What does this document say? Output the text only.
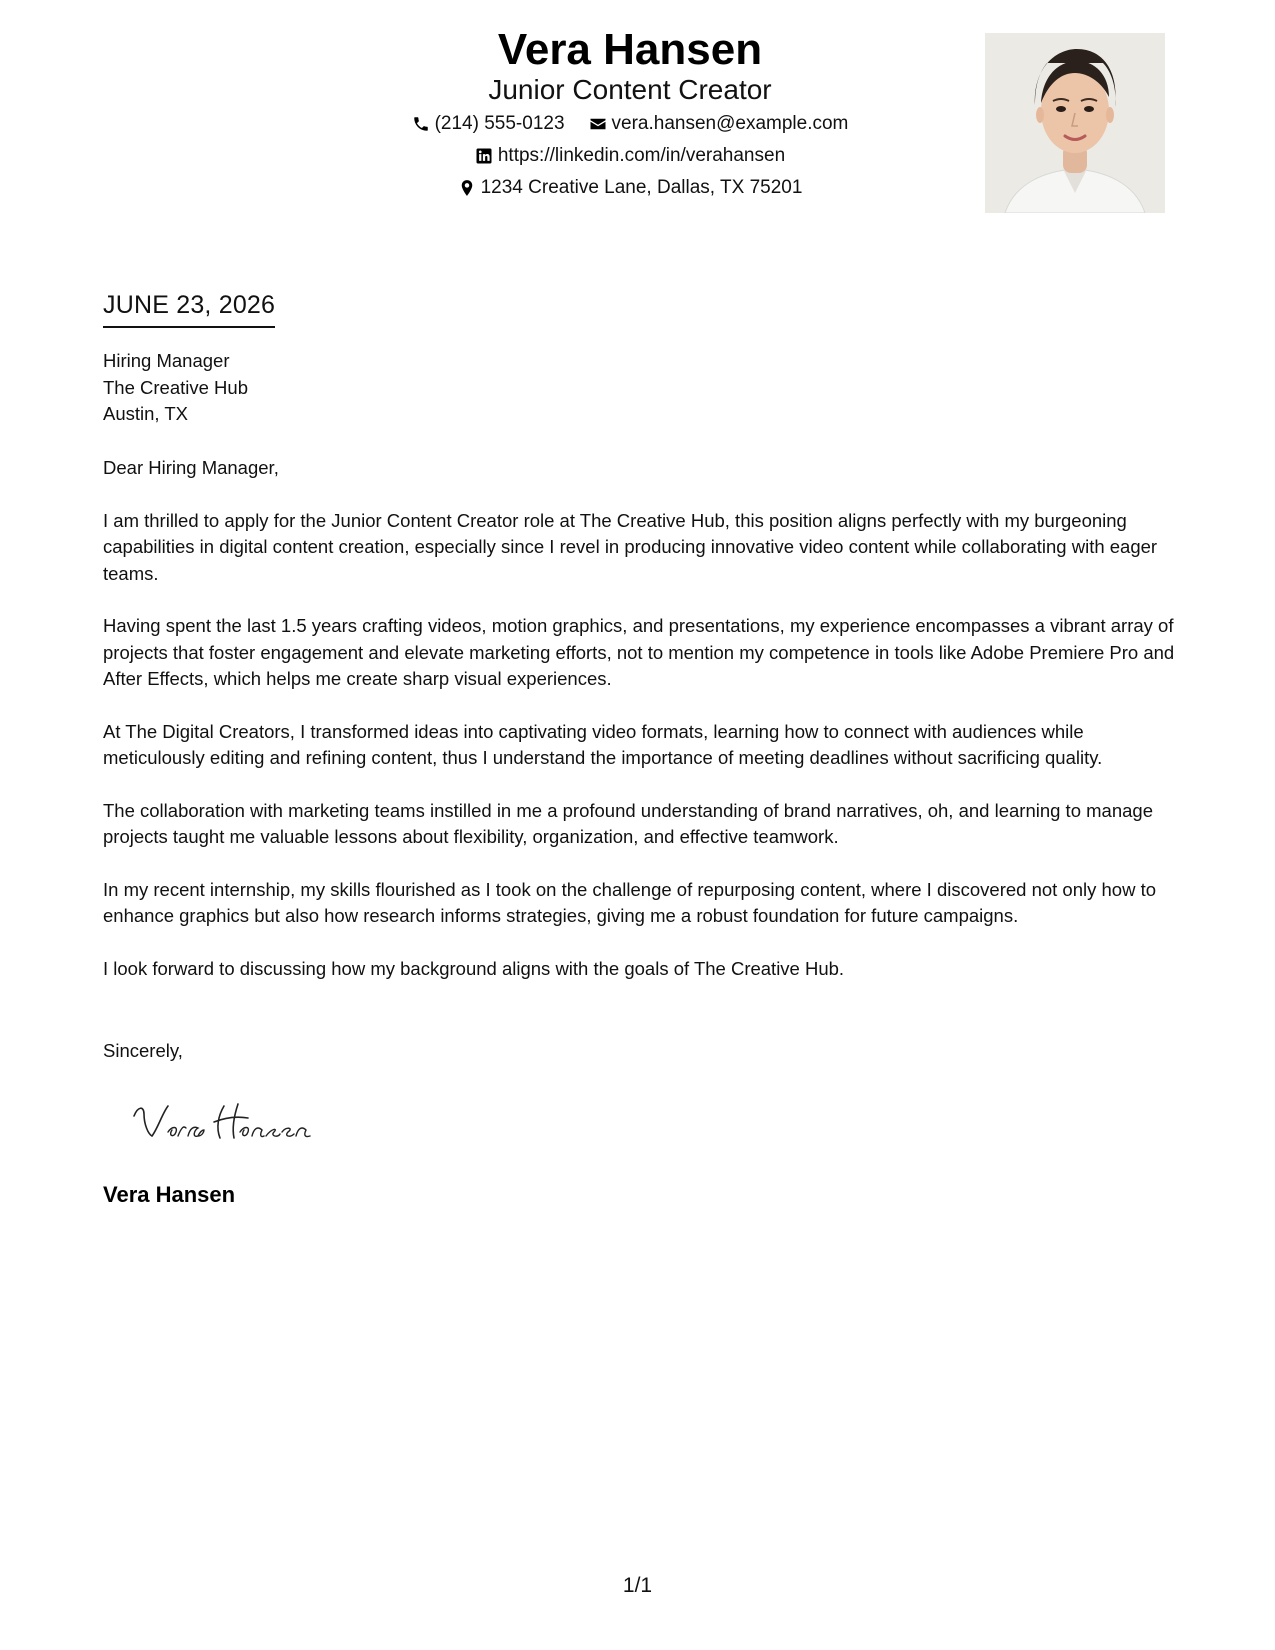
Vera Hansen
Junior Content Creator
(214) 555-0123 vera.hansen@example.com
https://linkedin.com/in/verahansen
1234 Creative Lane, Dallas, TX 75201
JUNE 23, 2026
Hiring Manager
The Creative Hub
Austin, TX

Dear Hiring Manager,

I am thrilled to apply for the Junior Content Creator role at The Creative Hub, this position aligns perfectly with my burgeoning capabilities in digital content creation, especially since I revel in producing innovative video content while collaborating with eager teams.

Having spent the last 1.5 years crafting videos, motion graphics, and presentations, my experience encompasses a vibrant array of projects that foster engagement and elevate marketing efforts, not to mention my competence in tools like Adobe Premiere Pro and After Effects, which helps me create sharp visual experiences.

At The Digital Creators, I transformed ideas into captivating video formats, learning how to connect with audiences while meticulously editing and refining content, thus I understand the importance of meeting deadlines without sacrificing quality.

The collaboration with marketing teams instilled in me a profound understanding of brand narratives, oh, and learning to manage projects taught me valuable lessons about flexibility, organization, and effective teamwork.

In my recent internship, my skills flourished as I took on the challenge of repurposing content, where I discovered not only how to enhance graphics but also how research informs strategies, giving me a robust foundation for future campaigns.

I look forward to discussing how my background aligns with the goals of The Creative Hub.

Sincerely,
Vera Hansen
1/1
